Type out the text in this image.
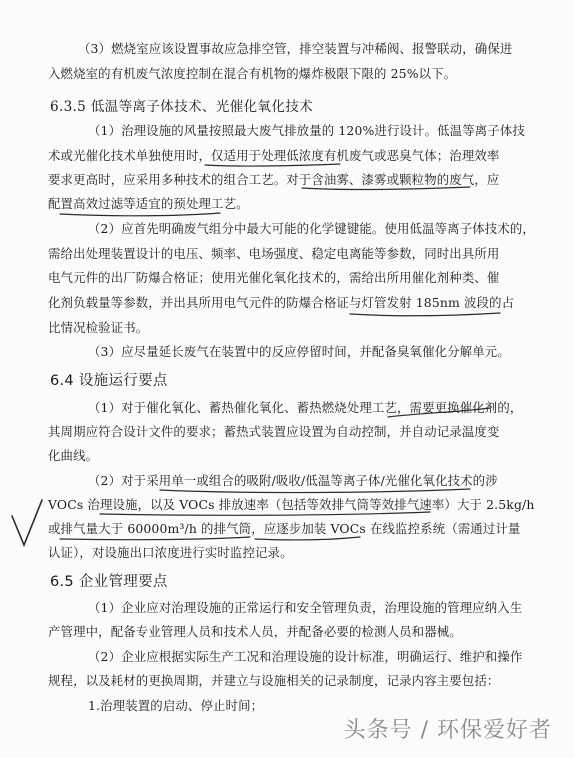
（3）燃烧室应该设置事故应急排空管，排空装置与冲稀阀、报警联动，确保进
入燃烧室的有机废气浓度控制在混合有机物的爆炸极限下限的 25%以下。
6.3.5 低温等离子体技术、光催化氧化技术
（1）治理设施的风量按照最大废气排放量的 120%进行设计。低温等离子体技
术或光催化技术单独使用时，仅适用于处理低浓度有机废气或恶臭气体；治理效率
要求更高时，应采用多种技术的组合工艺。对于含油雾、漆雾或颗粒物的废气，应
配置高效过滤等适宜的预处理工艺。
（2）应首先明确废气组分中最大可能的化学键键能。使用低温等离子体技术的，
需给出处理装置设计的电压、频率、电场强度、稳定电离能等参数，同时出具所用
电气元件的出厂防爆合格证；使用光催化氧化技术的，需给出所用催化剂种类、催
化剂负载量等参数，并出具所用电气元件的防爆合格证与灯管发射 185nm 波段的占
比情况检验证书。
（3）应尽量延长废气在装置中的反应停留时间，并配备臭氧催化分解单元。
6.4 设施运行要点
（1）对于催化氧化、蓄热催化氧化、蓄热燃烧处理工艺，需要更换催化剂的，
其周期应符合设计文件的要求；蓄热式装置应设置为自动控制，并自动记录温度变
化曲线。
（2）对于采用单一或组合的吸附/吸收/低温等离子体/光催化氧化技术的涉
VOCs 治理设施，以及 VOCs 排放速率（包括等效排气筒等效排气速率）大于 2.5kg/h
或排气量大于 60000m³/h 的排气筒，应逐步加装 VOCs 在线监控系统（需通过计量
认证），对设施出口浓度进行实时监控记录。
6.5 企业管理要点
（1）企业应对治理设施的正常运行和安全管理负责，治理设施的管理应纳入生
产管理中，配备专业管理人员和技术人员，并配备必要的检测人员和器械。
（2）企业应根据实际生产工况和治理设施的设计标准，明确运行、维护和操作
规程，以及耗材的更换周期，并建立与设施相关的记录制度，记录内容主要包括：
1.治理装置的启动、停止时间；
头条号 / 环保爱好者
